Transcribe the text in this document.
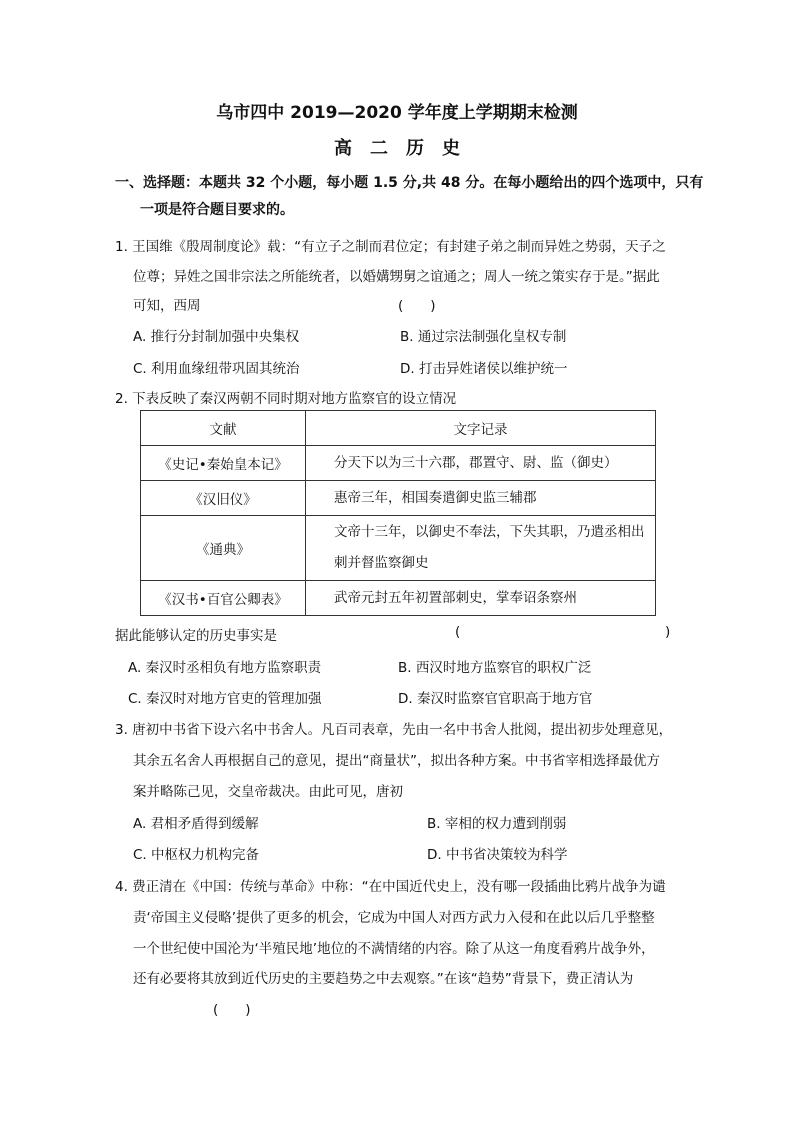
乌市四中 2019—2020 学年度上学期期末检测
高　二　历　史
一、选择题：本题共 32 个小题，每小题 1.5 分,共 48 分。在每小题给出的四个选项中，只有
一项是符合题目要求的。
1. 王国维《殷周制度论》载：“有立子之制而君位定；有封建子弟之制而异姓之势弱，天子之
位尊；异姓之国非宗法之所能统者，以婚媾甥舅之谊通之；周人一统之策实存于是。”据此
可知，西周	(　　)
A. 推行分封制加强中央集权	B. 通过宗法制强化皇权专制
C. 利用血缘纽带巩固其统治	D. 打击异姓诸侯以维护统一
2. 下表反映了秦汉两朝不同时期对地方监察官的设立情况
文献	文字记录
《史记•秦始皇本记》	分天下以为三十六郡，郡置守、尉、监（御史）

《汉旧仪》	惠帝三年，相国奏遣御史监三辅郡

《通典》	文帝十三年，以御史不奉法，下失其职，乃遣丞相出
刺并督监察御史

《汉书•百官公卿表》	武帝元封五年初置部刺史，掌奉诏条察州
据此能够认定的历史事实是	(	)
A. 秦汉时丞相负有地方监察职责	B. 西汉时地方监察官的职权广泛
C. 秦汉时对地方官吏的管理加强	D. 秦汉时监察官官职高于地方官
3. 唐初中书省下设六名中书舍人。凡百司表章，先由一名中书舍人批阅，提出初步处理意见，
其余五名舍人再根据自己的意见，提出“商量状”，拟出各种方案。中书省宰相选择最优方
案并略陈己见，交皇帝裁决。由此可见，唐初
A. 君相矛盾得到缓解	B. 宰相的权力遭到削弱
C. 中枢权力机构完备	D. 中书省决策较为科学
4. 费正清在《中国：传统与革命》中称：“在中国近代史上，没有哪一段插曲比鸦片战争为谴
责‘帝国主义侵略’提供了更多的机会，它成为中国人对西方武力入侵和在此以后几乎整整
一个世纪使中国沦为‘半殖民地’地位的不满情绪的内容。除了从这一角度看鸦片战争外，
还有必要将其放到近代历史的主要趋势之中去观察。”在该“趋势”背景下，费正清认为
(　　)
